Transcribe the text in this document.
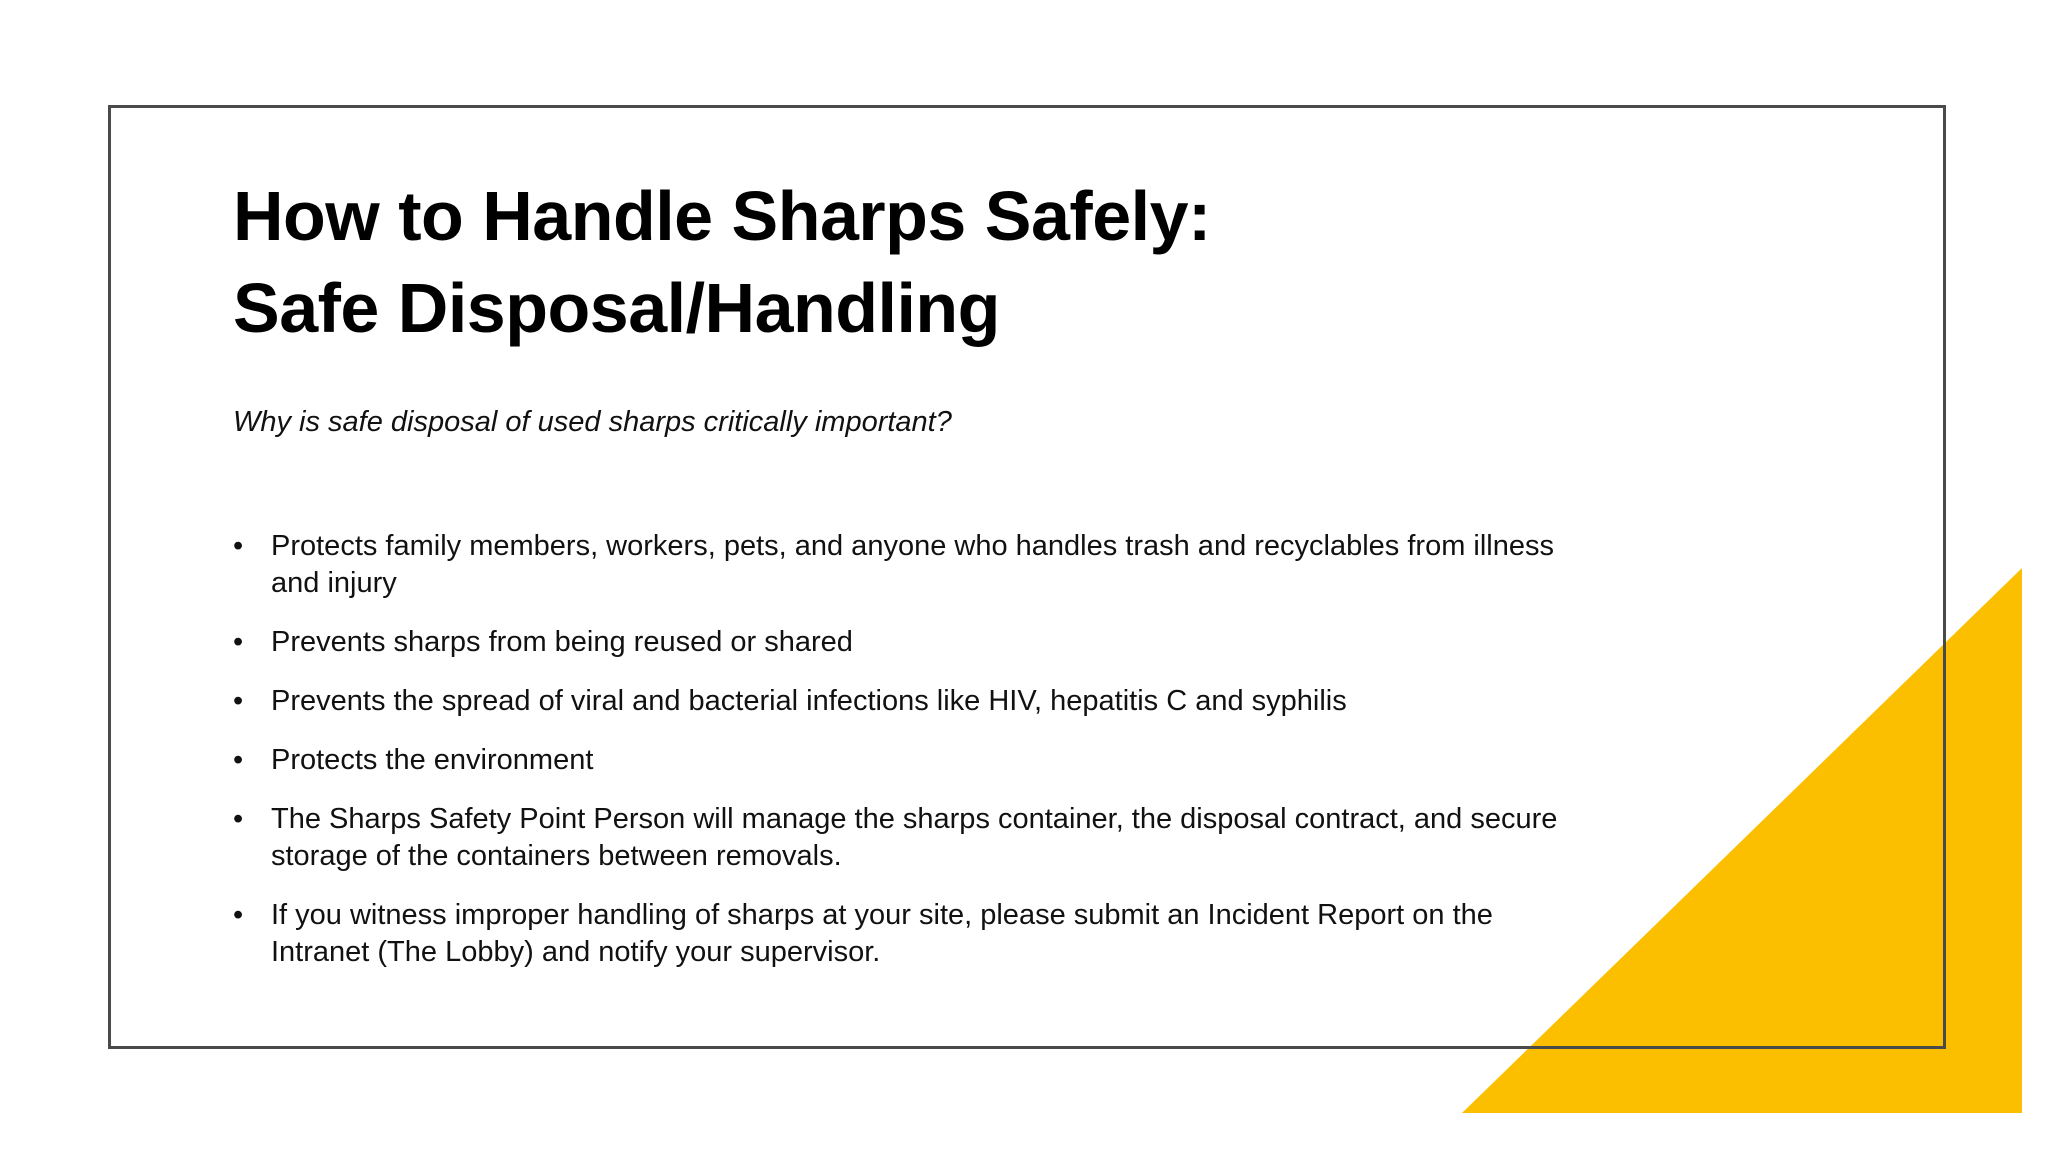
How to Handle Sharps Safely:
Safe Disposal/Handling

Why is safe disposal of used sharps critically important?

• Protects family members, workers, pets, and anyone who handles trash and recyclables from illness and injury
• Prevents sharps from being reused or shared
• Prevents the spread of viral and bacterial infections like HIV, hepatitis C and syphilis
• Protects the environment
• The Sharps Safety Point Person will manage the sharps container, the disposal contract, and secure storage of the containers between removals.
• If you witness improper handling of sharps at your site, please submit an Incident Report on the Intranet (The Lobby) and notify your supervisor.
